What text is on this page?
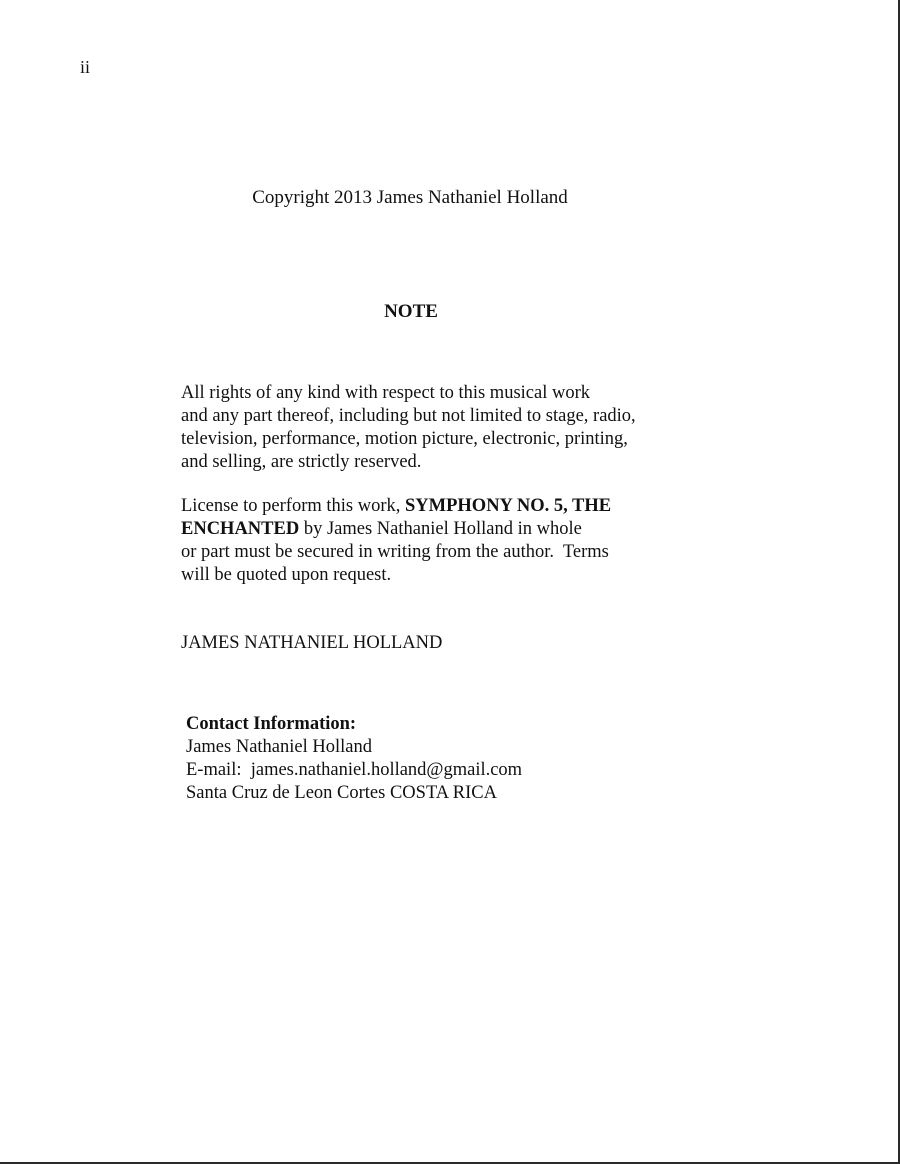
ii
Copyright 2013 James Nathaniel Holland
NOTE
All rights of any kind with respect to this musical work
and any part thereof, including but not limited to stage, radio,
television, performance, motion picture, electronic, printing,
and selling, are strictly reserved.
License to perform this work, SYMPHONY NO. 5, THE
ENCHANTED by James Nathaniel Holland in whole
or part must be secured in writing from the author.  Terms
will be quoted upon request.
JAMES NATHANIEL HOLLAND
Contact Information:
James Nathaniel Holland
E-mail:  james.nathaniel.holland@gmail.com
Santa Cruz de Leon Cortes COSTA RICA
